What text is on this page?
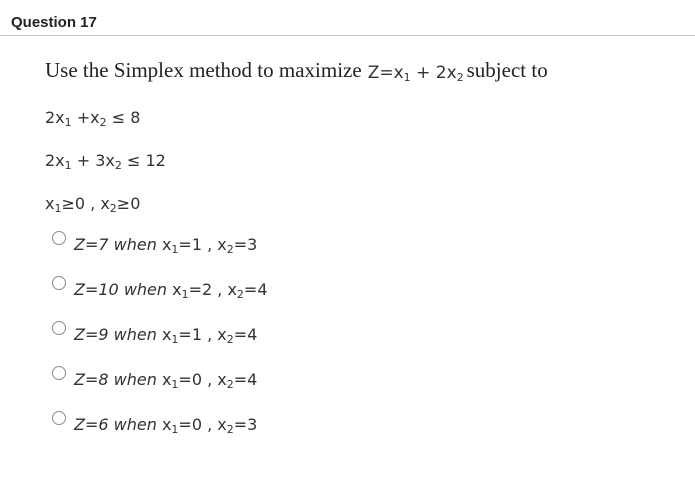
Question 17
Use the Simplex method to maximize $Z=x_1 + 2x_2$ subject to
$2x_1 +x_2 \le 8$
$2x_1 + 3x_2 \le 12$
$x_1\ge 0$ , $x_2\ge 0$
Z=7 when $x_1=1$ , $x_2=3$
Z=10 when $x_1=2$ , $x_2=4$
Z=9 when $x_1=1$ , $x_2=4$
Z=8 when $x_1=0$ , $x_2=4$
Z=6 when $x_1=0$ , $x_2=3$
